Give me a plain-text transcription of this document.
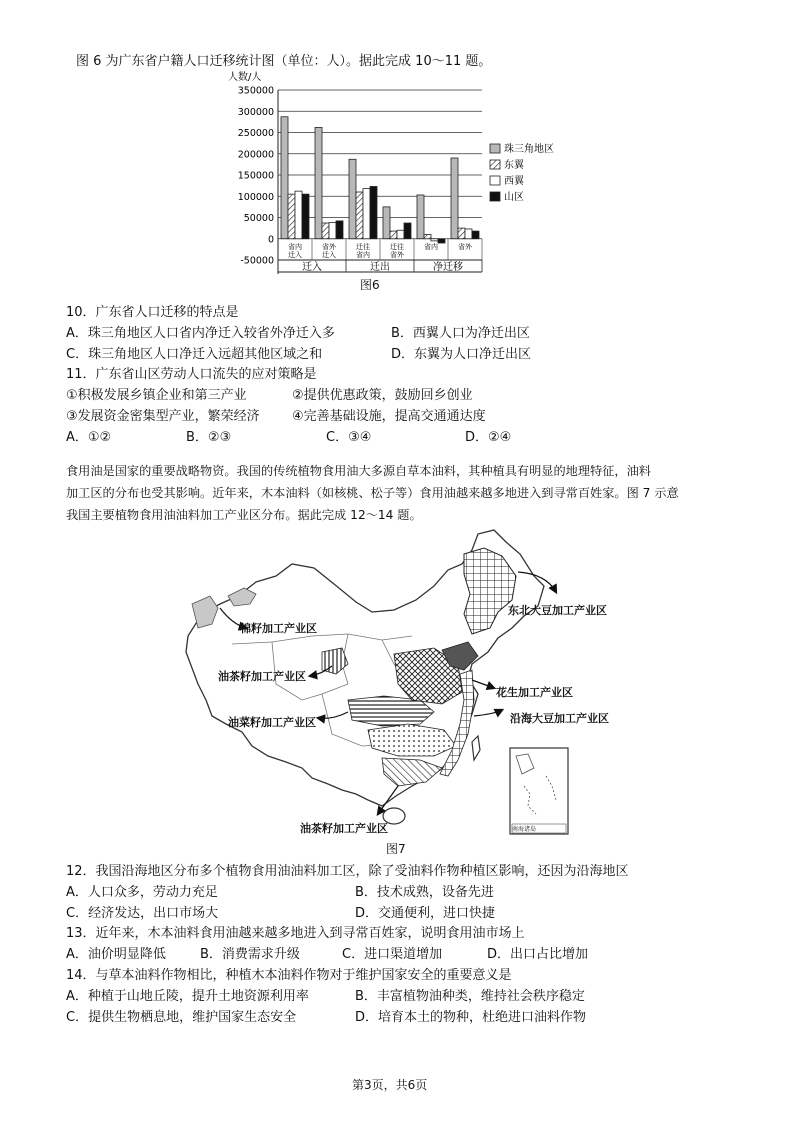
图 6 为广东省户籍人口迁移统计图（单位：人）。据此完成 10～11 题。
人数/人
350000
300000
250000
200000
150000
100000
50000
0
-50000
省内
迁入
省外
迁入
迁往
省内
迁往
省外
省内	省外
迁入	迁出	净迁移
珠三角地区
东翼
西翼
山区
图6
10．广东省人口迁移的特点是
A．珠三角地区人口省内净迁入较省外净迁入多	B．西翼人口为净迁出区
C．珠三角地区人口净迁入远超其他区域之和	D．东翼为人口净迁出区
11．广东省山区劳动人口流失的应对策略是
①积极发展乡镇企业和第三产业	②提供优惠政策，鼓励回乡创业
③发展资金密集型产业，繁荣经济 ④完善基础设施，提高交通通达度
A．①②	B．②③	C．③④	D．②④
食用油是国家的重要战略物资。我国的传统植物食用油大多源自草本油料，其种植具有明显的地理特征，油料
加工区的分布也受其影响。近年来，木本油料（如核桃、松子等）食用油越来越多地进入到寻常百姓家。图 7 示意
我国主要植物食用油油料加工产业区分布。据此完成 12～14 题。
东北大豆加工产业区
棉籽加工产业区
油茶籽加工产业区
油菜籽加工产业区
花生加工产业区
沿海大豆加工产业区
油茶籽加工产业区	南海诸岛
图7
12．我国沿海地区分布多个植物食用油油料加工区，除了受油料作物种植区影响，还因为沿海地区
A．人口众多，劳动力充足	B．技术成熟，设备先进
C．经济发达，出口市场大	D．交通便利，进口快捷
13．近年来，木本油料食用油越来越多地进入到寻常百姓家，说明食用油市场上
A．油价明显降低	B．消费需求升级	C．进口渠道增加	D．出口占比增加
14．与草本油料作物相比，种植木本油料作物对于维护国家安全的重要意义是
A．种植于山地丘陵，提升土地资源利用率	B．丰富植物油种类，维持社会秩序稳定
C．提供生物栖息地，维护国家生态安全	D．培育本土的物种，杜绝进口油料作物
第3页，共6页
